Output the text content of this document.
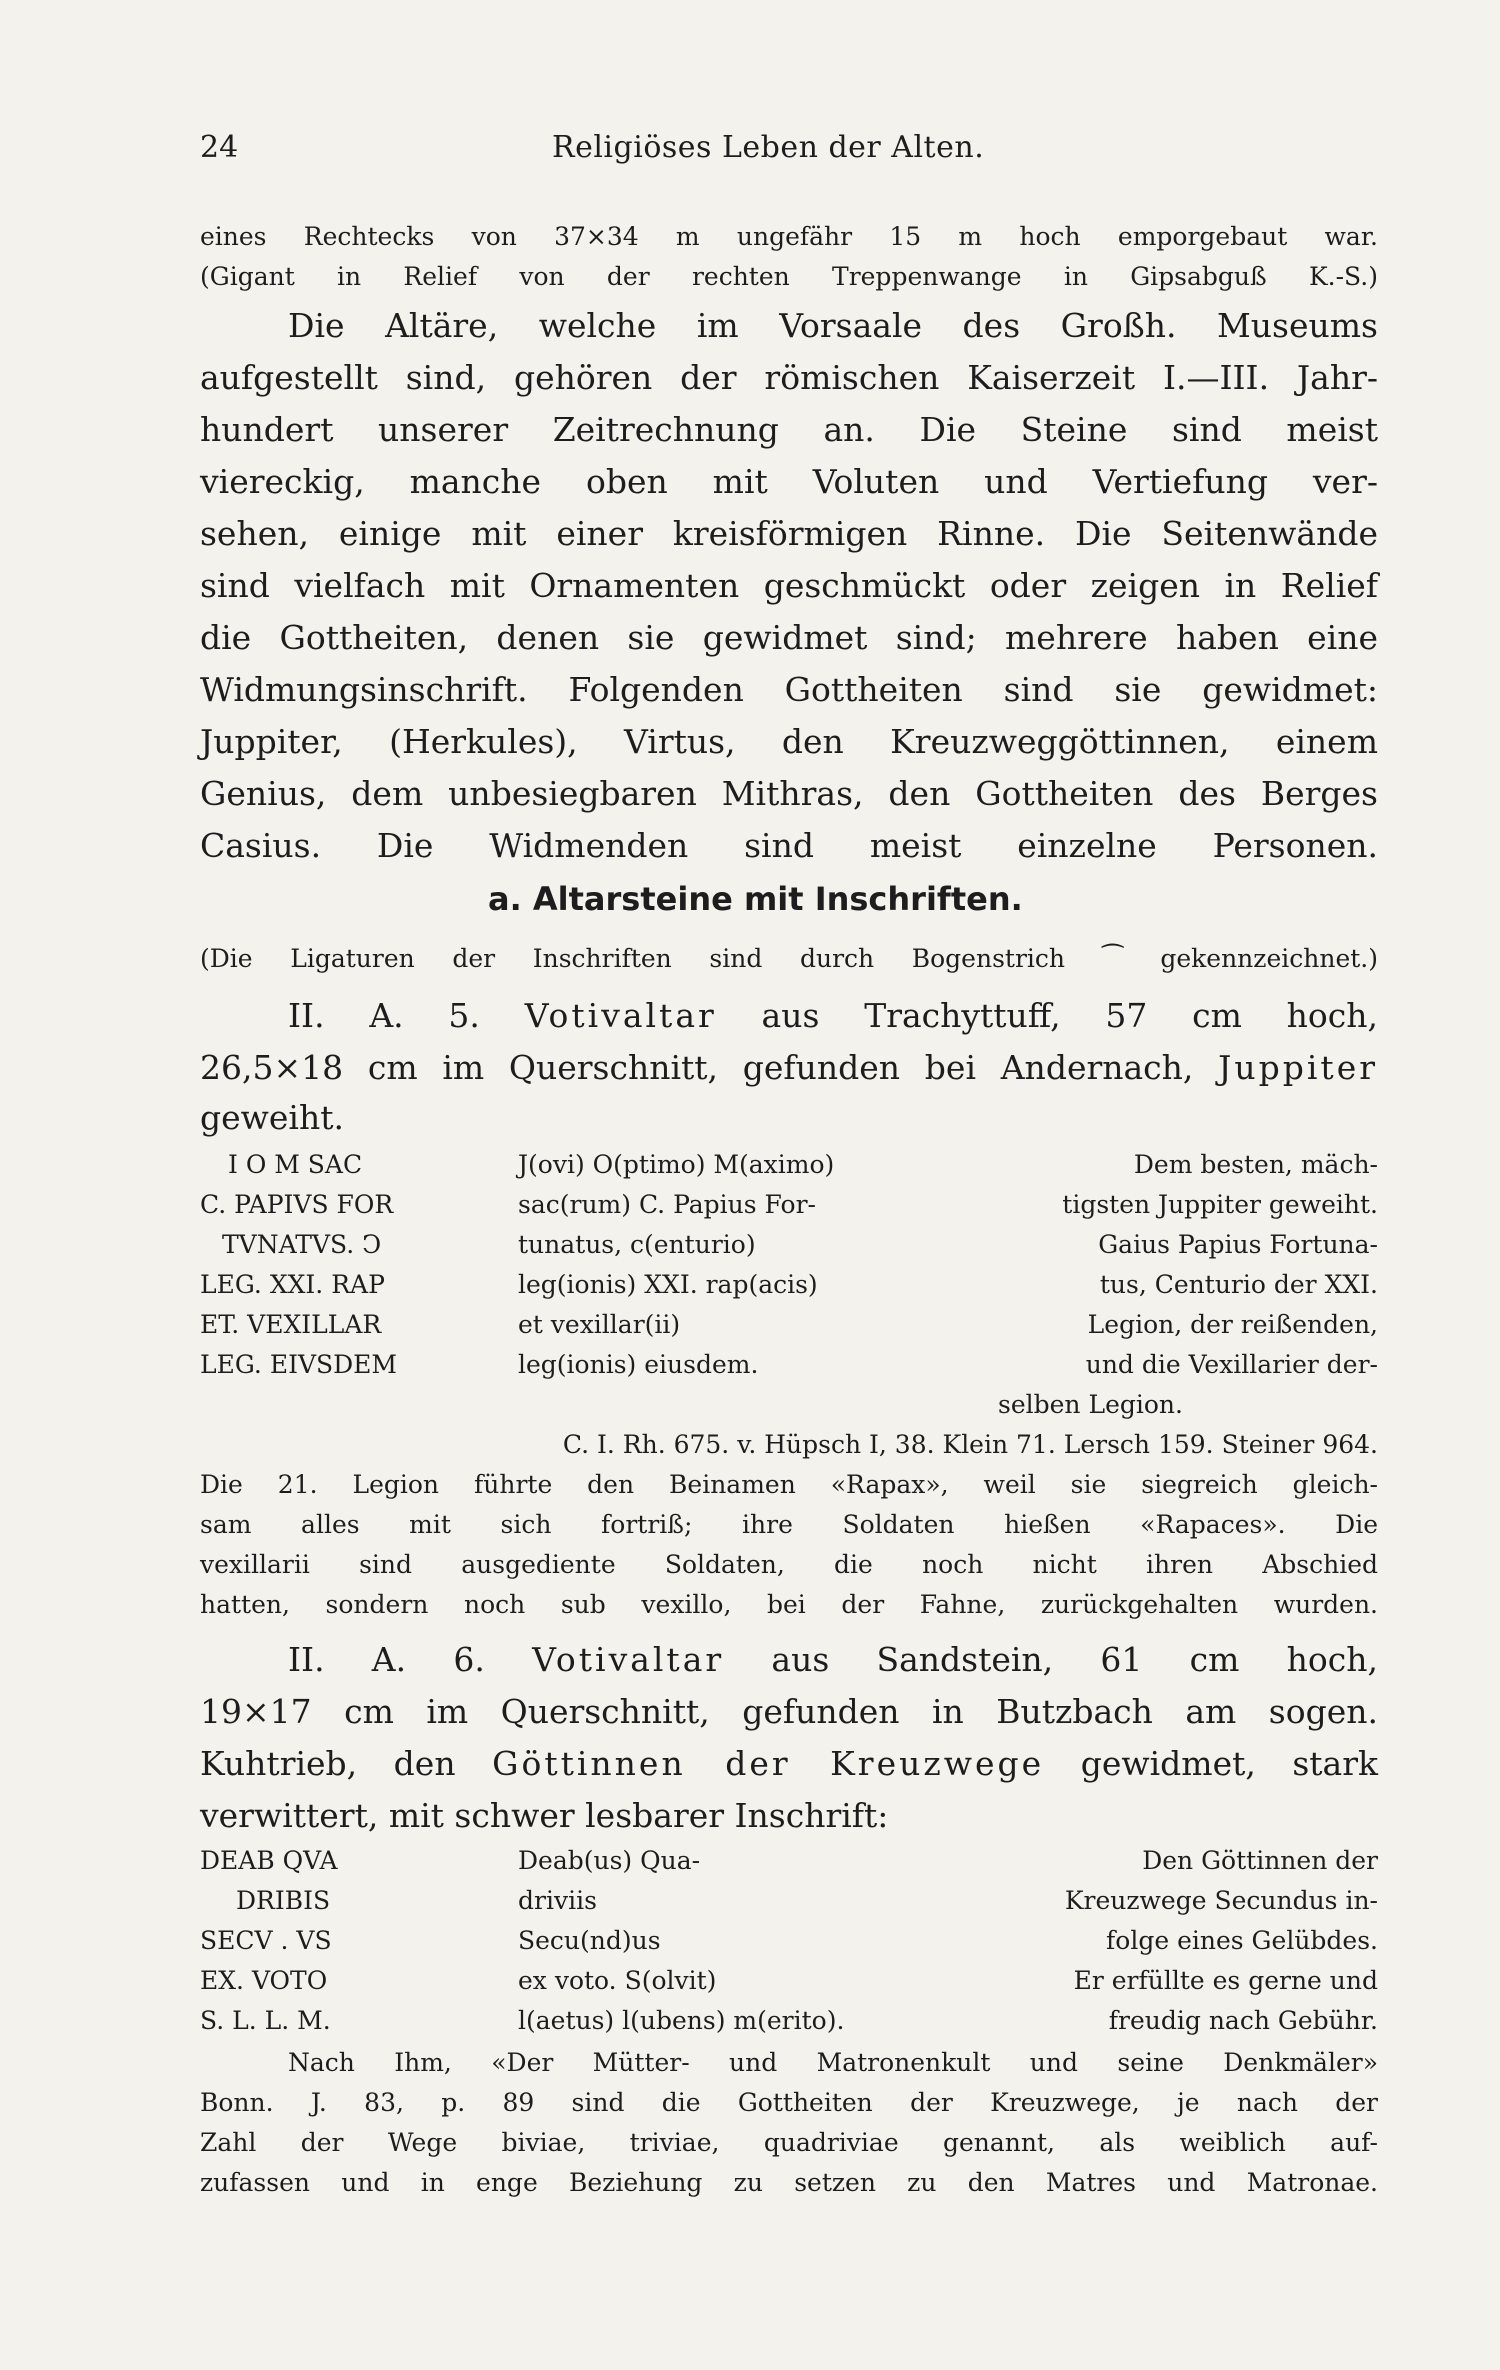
24	Religiöses Leben der Alten.
eines Rechtecks von 37×34 m ungefähr 15 m hoch emporgebaut war.
(Gigant in Relief von der rechten Treppenwange in Gipsabguß K.-S.)
Die Altäre, welche im Vorsaale des Großh. Museums
aufgestellt sind, gehören der römischen Kaiserzeit I.—III. Jahr-
hundert unserer Zeitrechnung an. Die Steine sind meist
viereckig, manche oben mit Voluten und Vertiefung ver-
sehen, einige mit einer kreisförmigen Rinne. Die Seitenwände
sind vielfach mit Ornamenten geschmückt oder zeigen in Relief
die Gottheiten, denen sie gewidmet sind; mehrere haben eine
Widmungsinschrift. Folgenden Gottheiten sind sie gewidmet:
Juppiter, (Herkules), Virtus, den Kreuzweggöttinnen, einem
Genius, dem unbesiegbaren Mithras, den Gottheiten des Berges
Casius. Die Widmenden sind meist einzelne Personen.
a. Altarsteine mit Inschriften.
(Die Ligaturen der Inschriften sind durch Bogenstrich ⁀ gekennzeichnet.)
II. A. 5. Votivaltar aus Trachyttuff, 57 cm hoch,
26,5×18 cm im Querschnitt, gefunden bei Andernach, Juppiter
geweiht.
I O M SAC
C. PAPIVS FOR
TVNATVS. Ↄ
LEG. XXI. RAP
ET. VEXILLAR
LEG. EIVSDEM
J(ovi) O(ptimo) M(aximo)
sac(rum) C. Papius For-
tunatus, c(enturio)
leg(ionis) XXI. rap(acis)
et vexillar(ii)
leg(ionis) eiusdem.
Dem besten, mäch-
tigsten Juppiter geweiht.
Gaius Papius Fortuna-
tus, Centurio der XXI.
Legion, der reißenden,
und die Vexillarier der-
selben Legion.
C. I. Rh. 675. v. Hüpsch I, 38. Klein 71. Lersch 159. Steiner 964.
Die 21. Legion führte den Beinamen «Rapax», weil sie siegreich gleich-
sam alles mit sich fortriß; ihre Soldaten hießen «Rapaces». Die
vexillarii sind ausgediente Soldaten, die noch nicht ihren Abschied
hatten, sondern noch sub vexillo, bei der Fahne, zurückgehalten wurden.
II. A. 6. Votivaltar aus Sandstein, 61 cm hoch,
19×17 cm im Querschnitt, gefunden in Butzbach am sogen.
Kuhtrieb, den Göttinnen der Kreuzwege gewidmet, stark
verwittert, mit schwer lesbarer Inschrift:
DEAB QVA
DRIBIS
SECV . VS
EX. VOTO
S. L. L. M.
Deab(us) Qua-
driviis
Secu(nd)us
ex voto. S(olvit)
l(aetus) l(ubens) m(erito).
Den Göttinnen der
Kreuzwege Secundus in-
folge eines Gelübdes.
Er erfüllte es gerne und
freudig nach Gebühr.
Nach Ihm, «Der Mütter- und Matronenkult und seine Denkmäler»
Bonn. J. 83, p. 89 sind die Gottheiten der Kreuzwege, je nach der
Zahl der Wege biviae, triviae, quadriviae genannt, als weiblich auf-
zufassen und in enge Beziehung zu setzen zu den Matres und Matronae.
